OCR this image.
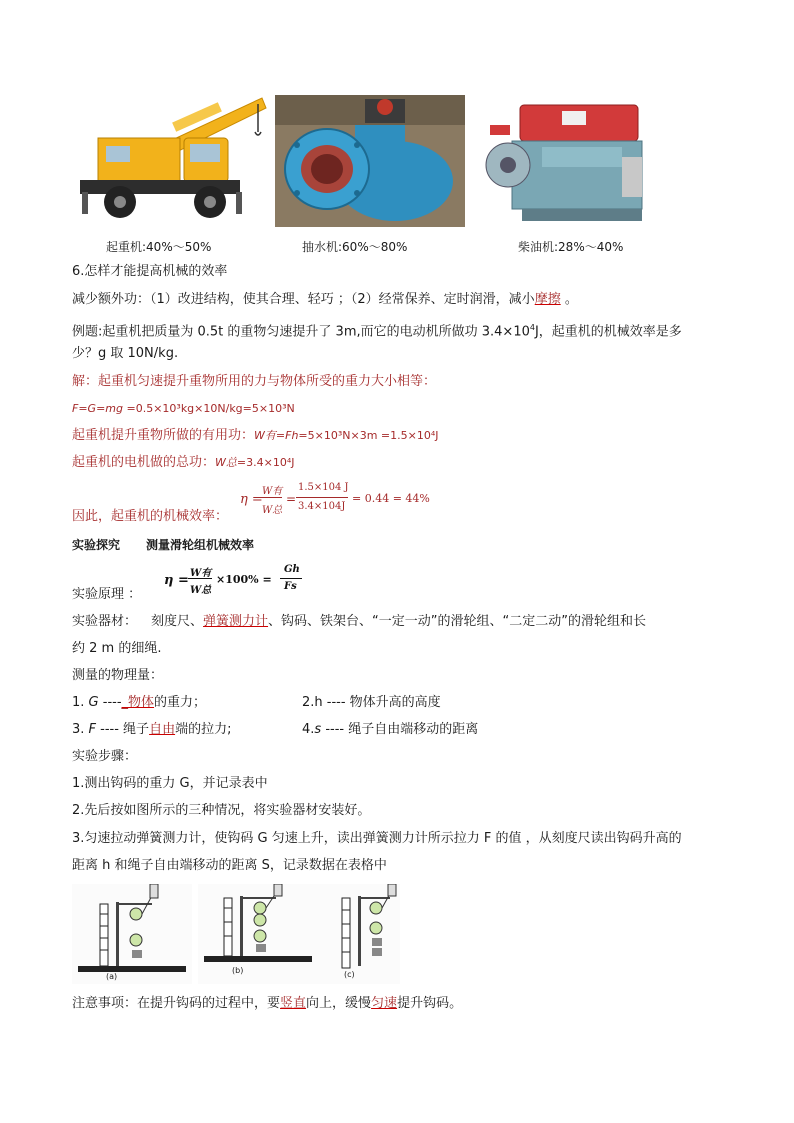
起重机:40%～50%	抽水机:60%～80%	柴油机:28%～40%
6.怎样才能提高机械的效率
减少额外功：（1）改进结构，使其合理、轻巧 ；（2）经常保养、定时润滑，减小摩擦 。
例题:起重机把质量为 0.5t 的重物匀速提升了 3m,而它的电动机所做功 $3.4\times 10^4J$，起重机的机械效率是多
少？g 取 10N/kg.
解：起重机匀速提升重物所用的力与物体所受的重力大小相等：
F=G=mg =0.5×10³kg×10N/kg=5×10³N
起重机提升重物所做的有用功：W有=Fh=5×10³N×3m =1.5×10⁴J
起重机的电机做的总功：W总=3.4×10⁴J
η =
W有
W总
=
1.5×104 J
3.4×104J
= 0.44 = 44%
因此，起重机的机械效率：
实验探究 测量滑轮组机械效率
η = W有
W总
×100% =
Gh
Fs
实验原理 ：
实验器材： 刻度尺、弹簧测力计、钩码、铁架台、“一定一动”的滑轮组、“二定二动”的滑轮组和长
约 2 m 的细绳.
测量的物理量：
1. G ----_物体的重力；	2.h ---- 物体升高的高度
3. F ---- 绳子自由端的拉力;	4.s ---- 绳子自由端移动的距离
实验步骤：
1.测出钩码的重力 G，并记录表中
2.先后按如图所示的三种情况，将实验器材安装好。
3.匀速拉动弹簧测力计，使钩码 G 匀速上升，读出弹簧测力计所示拉力 F 的值 ，从刻度尺读出钩码升高的
距离 h 和绳子自由端移动的距离 S，记录数据在表格中
(a)
(b)	(c)
注意事项：在提升钩码的过程中，要竖直向上，缓慢匀速提升钩码。
